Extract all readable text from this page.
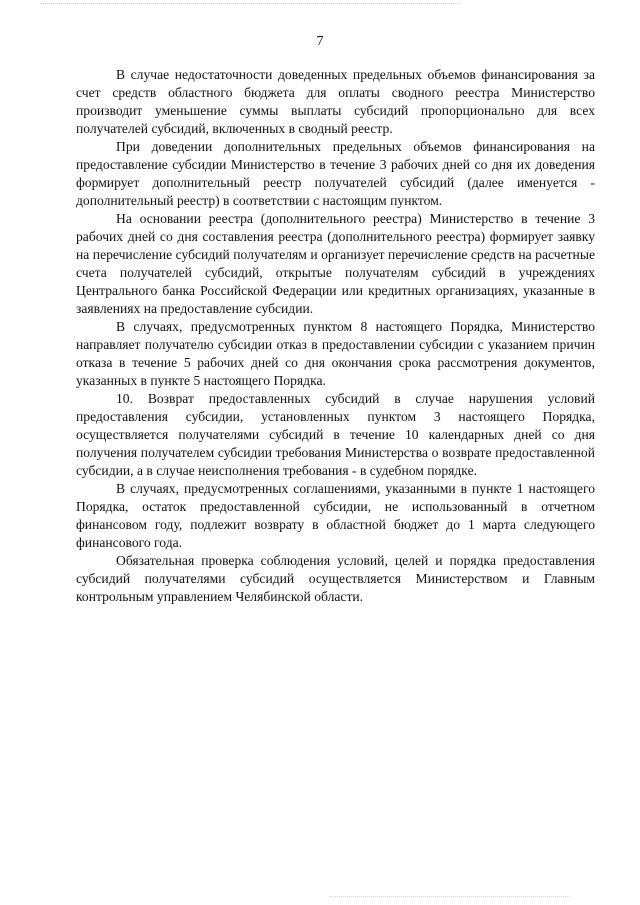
7

В случае недостаточности доведенных предельных объемов финансирования за счет средств областного бюджета для оплаты сводного реестра Министерство производит уменьшение суммы выплаты субсидий пропорционально для всех получателей субсидий, включенных в сводный реестр.

При доведении дополнительных предельных объемов финансирования на предоставление субсидии Министерство в течение 3 рабочих дней со дня их доведения формирует дополнительный реестр получателей субсидий (далее именуется - дополнительный реестр) в соответствии с настоящим пунктом.

На основании реестра (дополнительного реестра) Министерство в течение 3 рабочих дней со дня составления реестра (дополнительного реестра) формирует заявку на перечисление субсидий получателям и организует перечисление средств на расчетные счета получателей субсидий, открытые получателям субсидий в учреждениях Центрального банка Российской Федерации или кредитных организациях, указанные в заявлениях на предоставление субсидии.

В случаях, предусмотренных пунктом 8 настоящего Порядка, Министерство направляет получателю субсидии отказ в предоставлении субсидии с указанием причин отказа в течение 5 рабочих дней со дня окончания срока рассмотрения документов, указанных в пункте 5 настоящего Порядка.

10. Возврат предоставленных субсидий в случае нарушения условий предоставления субсидии, установленных пунктом 3 настоящего Порядка, осуществляется получателями субсидий в течение 10 календарных дней со дня получения получателем субсидии требования Министерства о возврате предоставленной субсидии, а в случае неисполнения требования - в судебном порядке.

В случаях, предусмотренных соглашениями, указанными в пункте 1 настоящего Порядка, остаток предоставленной субсидии, не использованный в отчетном финансовом году, подлежит возврату в областной бюджет до 1 марта следующего финансового года.

Обязательная проверка соблюдения условий, целей и порядка предоставления субсидий получателями субсидий осуществляется Министерством и Главным контрольным управлением Челябинской области.
